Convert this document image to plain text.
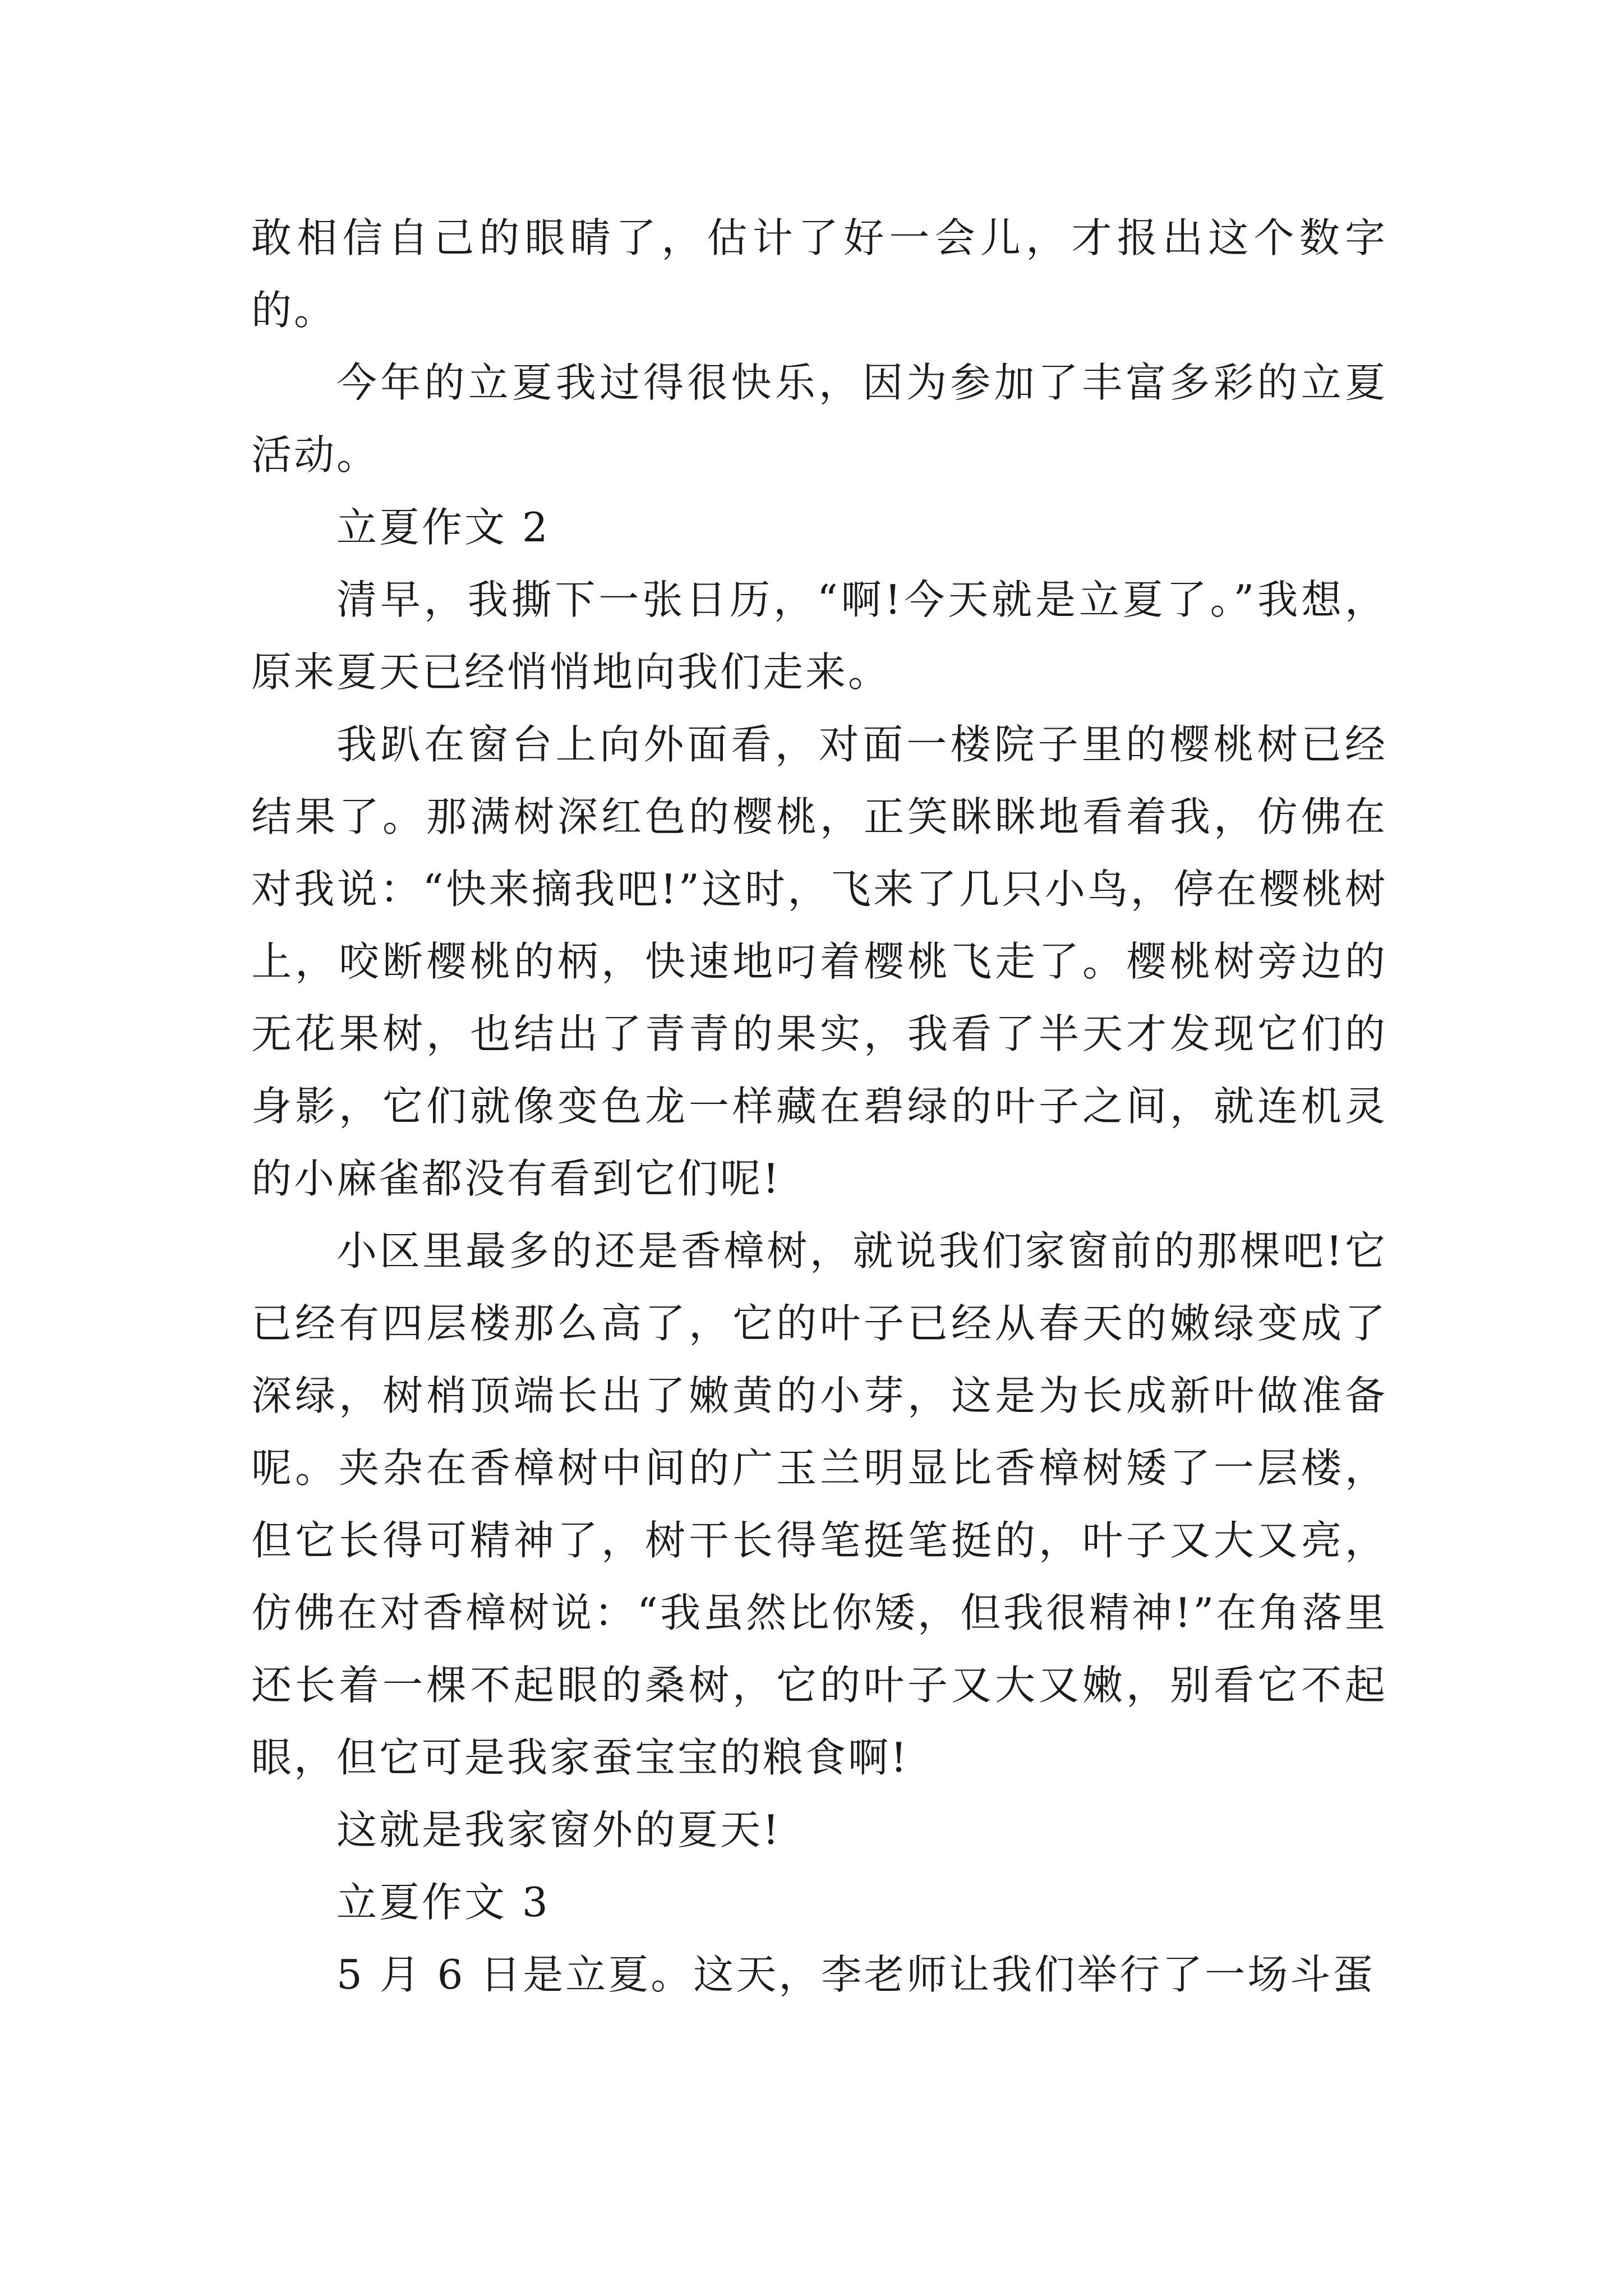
敢相信自己的眼睛了，估计了好一会儿，才报出这个数字的。

今年的立夏我过得很快乐，因为参加了丰富多彩的立夏活动。

立夏作文 2

清早，我撕下一张日历，“啊!今天就是立夏了。”我想，原来夏天已经悄悄地向我们走来。

我趴在窗台上向外面看，对面一楼院子里的樱桃树已经结果了。那满树深红色的樱桃，正笑眯眯地看着我，仿佛在对我说：“快来摘我吧!”这时，飞来了几只小鸟，停在樱桃树上，咬断樱桃的柄，快速地叼着樱桃飞走了。樱桃树旁边的无花果树，也结出了青青的果实，我看了半天才发现它们的身影，它们就像变色龙一样藏在碧绿的叶子之间，就连机灵的小麻雀都没有看到它们呢!

小区里最多的还是香樟树，就说我们家窗前的那棵吧!它已经有四层楼那么高了，它的叶子已经从春天的嫩绿变成了深绿，树梢顶端长出了嫩黄的小芽，这是为长成新叶做准备呢。夹杂在香樟树中间的广玉兰明显比香樟树矮了一层楼，但它长得可精神了，树干长得笔挺笔挺的，叶子又大又亮，仿佛在对香樟树说：“我虽然比你矮，但我很精神!”在角落里还长着一棵不起眼的桑树，它的叶子又大又嫩，别看它不起眼，但它可是我家蚕宝宝的粮食啊!

这就是我家窗外的夏天!

立夏作文 3

5 月 6 日是立夏。这天，李老师让我们举行了一场斗蛋
